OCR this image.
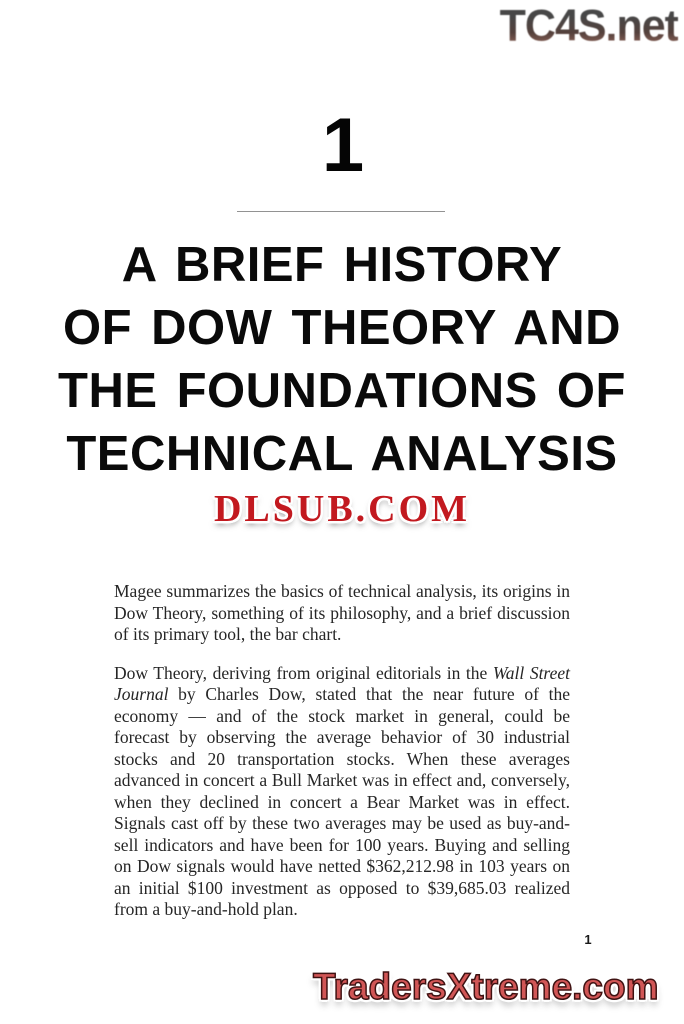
TC4S.net
1
A BRIEF HISTORY
OF DOW THEORY AND
THE FOUNDATIONS OF
TECHNICAL ANALYSIS
DLSUB.COM

Magee summarizes the basics of technical analysis, its origins in Dow Theory, something of its philosophy, and a brief discussion of its primary tool, the bar chart.

Dow Theory, deriving from original editorials in the Wall Street Journal by Charles Dow, stated that the near future of the economy — and of the stock market in general, could be forecast by observing the average behavior of 30 industrial stocks and 20 transportation stocks. When these averages advanced in concert a Bull Market was in effect and, conversely, when they declined in concert a Bear Market was in effect. Signals cast off by these two averages may be used as buy-and-sell indicators and have been for 100 years. Buying and selling on Dow signals would have netted $362,212.98 in 103 years on an initial $100 investment as opposed to $39,685.03 realized from a buy-and-hold plan.

1
TradersXtreme.com
